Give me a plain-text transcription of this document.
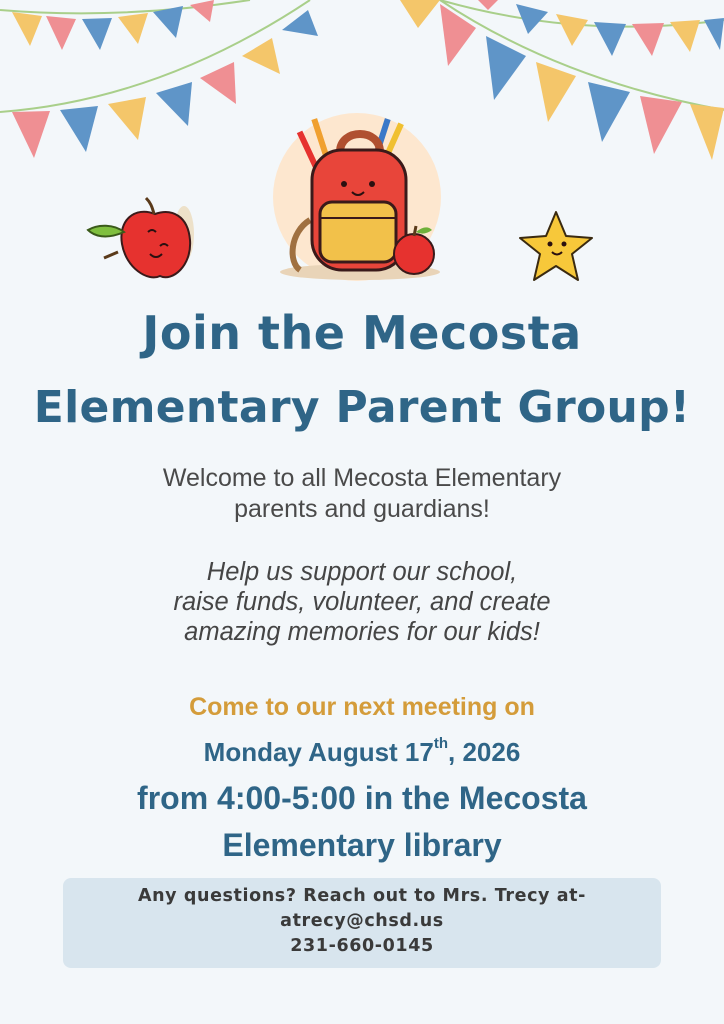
Join the Mecosta
Elementary Parent Group!
Welcome to all Mecosta Elementary
parents and guardians!
Help us support our school,
raise funds, volunteer, and create
amazing memories for our kids!
Come to our next meeting on
Monday August 17th, 2026
from 4:00-5:00 in the Mecosta
Elementary library
Any questions? Reach out to Mrs. Trecy at-
atrecy@chsd.us
231-660-0145
